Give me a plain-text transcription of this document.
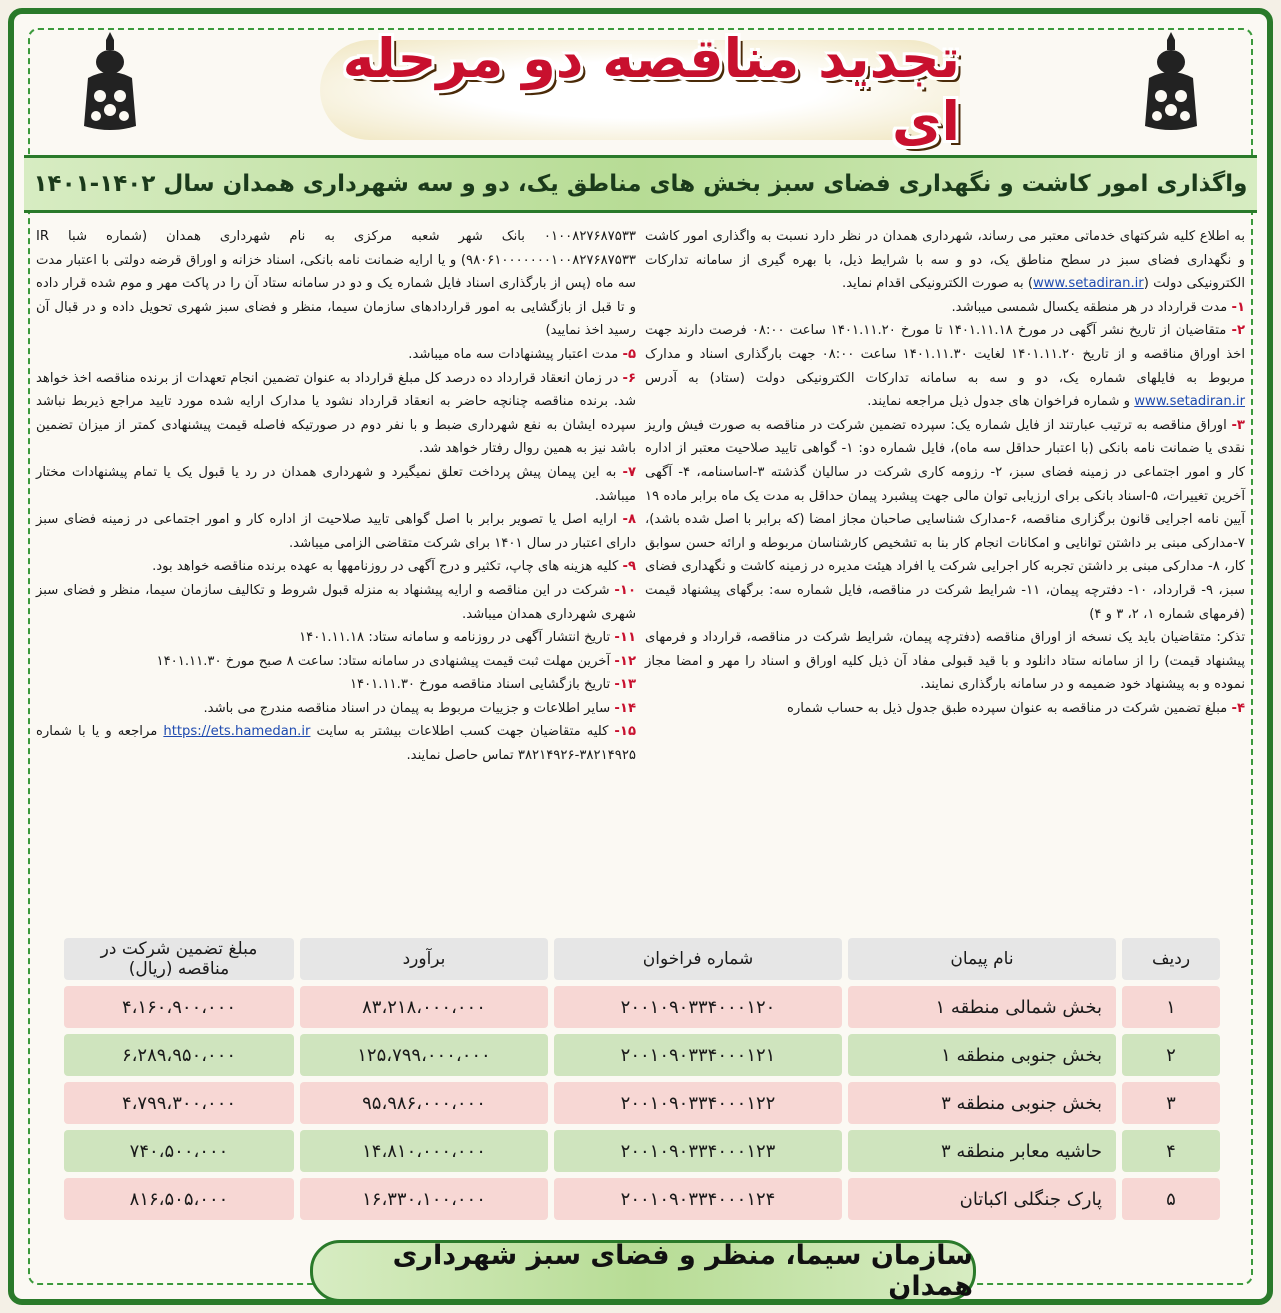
تجدید مناقصه دو مرحله ای
واگذاری امور کاشت و نگهداری فضای سبز بخش های مناطق یک، دو و سه شهرداری همدان سال ۱۴۰۲-۱۴۰۱

به اطلاع کلیه شرکتهای خدماتی معتبر می رساند، شهرداری همدان در نظر دارد نسبت به واگذاری امور کاشت و نگهداری فضای سبز در سطح مناطق یک، دو و سه با شرایط ذیل، با بهره گیری از سامانه تدارکات الکترونیکی دولت (www.setadiran.ir) به صورت الکترونیکی اقدام نماید.

۱- مدت قرارداد در هر منطقه یکسال شمسی میباشد.

۲- متقاضیان از تاریخ نشر آگهی در مورخ ۱۴۰۱.۱۱.۱۸ تا مورخ ۱۴۰۱.۱۱.۲۰ ساعت ۰۸:۰۰ فرصت دارند جهت اخذ اوراق مناقصه و از تاریخ ۱۴۰۱.۱۱.۲۰ لغایت ۱۴۰۱.۱۱.۳۰ ساعت ۰۸:۰۰ جهت بارگذاری اسناد و مدارک مربوط به فایلهای شماره یک، دو و سه به سامانه تدارکات الکترونیکی دولت (ستاد) به آدرس www.setadiran.ir و شماره فراخوان های جدول ذیل مراجعه نمایند.

۳- اوراق مناقصه به ترتیب عبارتند از فایل شماره یک: سپرده تضمین شرکت در مناقصه به صورت فیش واریز نقدی یا ضمانت نامه بانکی (با اعتبار حداقل سه ماه)، فایل شماره دو: ۱- گواهی تایید صلاحیت معتبر از اداره کار و امور اجتماعی در زمینه فضای سبز، ۲- رزومه کاری شرکت در سالیان گذشته ۳-اساسنامه، ۴- آگهی آخرین تغییرات، ۵-اسناد بانکی برای ارزیابی توان مالی جهت پیشبرد پیمان حداقل به مدت یک ماه برابر ماده ۱۹ آیین نامه اجرایی قانون برگزاری مناقصه، ۶-مدارک شناسایی صاحبان مجاز امضا (که برابر با اصل شده باشد)، ۷-مدارکی مبنی بر داشتن توانایی و امکانات انجام کار بنا به تشخیص کارشناسان مربوطه و ارائه حسن سوابق کار، ۸- مدارکی مبنی بر داشتن تجربه کار اجرایی شرکت یا افراد هیئت مدیره در زمینه کاشت و نگهداری فضای سبز، ۹- قرارداد، ۱۰- دفترچه پیمان، ۱۱- شرایط شرکت در مناقصه، فایل شماره سه: برگهای پیشنهاد قیمت (فرمهای شماره ۱، ۲، ۳ و ۴)

تذکر: متقاضیان باید یک نسخه از اوراق مناقصه (دفترچه پیمان، شرایط شرکت در مناقصه، قرارداد و فرمهای پیشنهاد قیمت) را از سامانه ستاد دانلود و با قید قبولی مفاد آن ذیل کلیه اوراق و اسناد را مهر و امضا مجاز نموده و به پیشنهاد خود ضمیمه و در سامانه بارگذاری نمایند.

۴- مبلغ تضمین شرکت در مناقصه به عنوان سپرده طبق جدول ذیل به حساب شماره

۰۱۰۰۸۲۷۶۸۷۵۳۳ بانک شهر شعبه مرکزی به نام شهرداری همدان (شماره شبا IR ۹۸۰۶۱۰۰۰۰۰۰۰۱۰۰۸۲۷۶۸۷۵۳۳) و یا ارایه ضمانت نامه بانکی، اسناد خزانه و اوراق قرضه دولتی با اعتبار مدت سه ماه (پس از بارگذاری اسناد فایل شماره یک و دو در سامانه ستاد آن را در پاکت مهر و موم شده قرار داده و تا قبل از بازگشایی به امور قراردادهای سازمان سیما، منظر و فضای سبز شهری تحویل داده و در قبال آن رسید اخذ نمایید)

۵- مدت اعتبار پیشنهادات سه ماه میباشد.

۶- در زمان انعقاد قرارداد ده درصد کل مبلغ قرارداد به عنوان تضمین انجام تعهدات از برنده مناقصه اخذ خواهد شد. برنده مناقصه چنانچه حاضر به انعقاد قرارداد نشود یا مدارک ارایه شده مورد تایید مراجع ذیربط نباشد سپرده ایشان به نفع شهرداری ضبط و با نفر دوم در صورتیکه فاصله قیمت پیشنهادی کمتر از میزان تضمین باشد نیز به همین روال رفتار خواهد شد.

۷- به این پیمان پیش پرداخت تعلق نمیگیرد و شهرداری همدان در رد یا قبول یک یا تمام پیشنهادات مختار میباشد.

۸- ارایه اصل یا تصویر برابر با اصل گواهی تایید صلاحیت از اداره کار و امور اجتماعی در زمینه فضای سبز دارای اعتبار در سال ۱۴۰۱ برای شرکت متقاضی الزامی میباشد.

۹- کلیه هزینه های چاپ، تکثیر و درج آگهی در روزنامهها به عهده برنده مناقصه خواهد بود.

۱۰- شرکت در این مناقصه و ارایه پیشنهاد به منزله قبول شروط و تکالیف سازمان سیما، منظر و فضای سبز شهری شهرداری همدان میباشد.

۱۱- تاریخ انتشار آگهی در روزنامه و سامانه ستاد: ۱۴۰۱.۱۱.۱۸

۱۲- آخرین مهلت ثبت قیمت پیشنهادی در سامانه ستاد: ساعت ۸ صبح مورخ ۱۴۰۱.۱۱.۳۰

۱۳- تاریخ بازگشایی اسناد مناقصه مورخ ۱۴۰۱.۱۱.۳۰

۱۴- سایر اطلاعات و جزییات مربوط به پیمان در اسناد مناقصه مندرج می باشد.

۱۵- کلیه متقاضیان جهت کسب اطلاعات بیشتر به سایت https://ets.hamedan.ir مراجعه و یا با شماره ۳۸۲۱۴۹۲۵-۳۸۲۱۴۹۲۶ تماس حاصل نمایند.

ردیف	نام پیمان	شماره فراخوان	برآورد	مبلغ تضمین شرکت در مناقصه (ریال)
۱	بخش شمالی منطقه ۱	۲۰۰۱۰۹۰۳۳۴۰۰۰۱۲۰	۸۳،۲۱۸،۰۰۰،۰۰۰	۴،۱۶۰،۹۰۰،۰۰۰
۲	بخش جنوبی منطقه ۱	۲۰۰۱۰۹۰۳۳۴۰۰۰۱۲۱	۱۲۵،۷۹۹،۰۰۰،۰۰۰	۶،۲۸۹،۹۵۰،۰۰۰
۳	بخش جنوبی منطقه ۳	۲۰۰۱۰۹۰۳۳۴۰۰۰۱۲۲	۹۵،۹۸۶،۰۰۰،۰۰۰	۴،۷۹۹،۳۰۰،۰۰۰
۴	حاشیه معابر منطقه ۳	۲۰۰۱۰۹۰۳۳۴۰۰۰۱۲۳	۱۴،۸۱۰،۰۰۰،۰۰۰	۷۴۰،۵۰۰،۰۰۰
۵	پارک جنگلی اکباتان	۲۰۰۱۰۹۰۳۳۴۰۰۰۱۲۴	۱۶،۳۳۰،۱۰۰،۰۰۰	۸۱۶،۵۰۵،۰۰۰
سازمان سیما، منظر و فضای سبز شهرداری همدان
